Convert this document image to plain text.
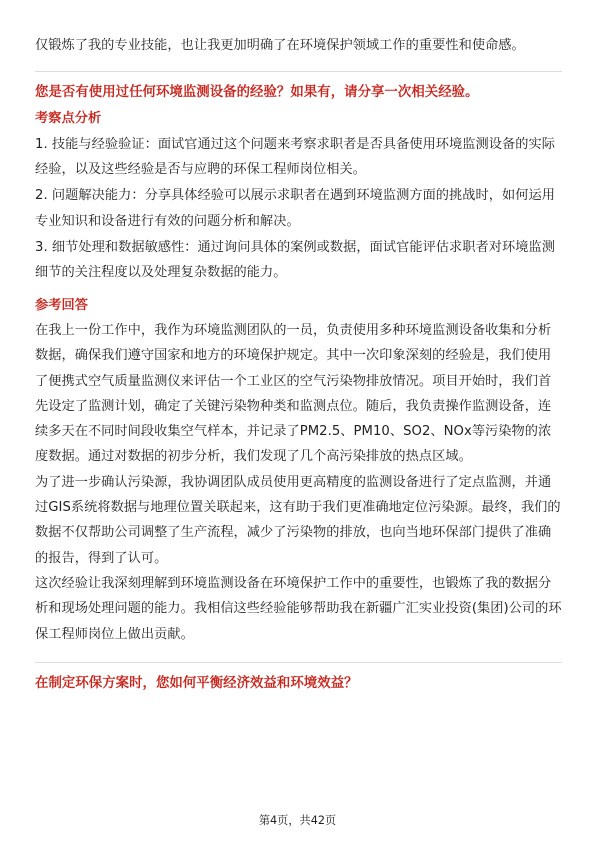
仅锻炼了我的专业技能，也让我更加明确了在环境保护领域工作的重要性和使命感。

您是否有使用过任何环境监测设备的经验？如果有，请分享一次相关经验。

考察点分析

1. 技能与经验验证：面试官通过这个问题来考察求职者是否具备使用环境监测设备的实际经验，以及这些经验是否与应聘的环保工程师岗位相关。

2. 问题解决能力：分享具体经验可以展示求职者在遇到环境监测方面的挑战时，如何运用专业知识和设备进行有效的问题分析和解决。

3. 细节处理和数据敏感性：通过询问具体的案例或数据，面试官能评估求职者对环境监测细节的关注程度以及处理复杂数据的能力。

参考回答

在我上一份工作中，我作为环境监测团队的一员，负责使用多种环境监测设备收集和分析数据，确保我们遵守国家和地方的环境保护规定。其中一次印象深刻的经验是，我们使用了便携式空气质量监测仪来评估一个工业区的空气污染物排放情况。项目开始时，我们首先设定了监测计划，确定了关键污染物种类和监测点位。随后，我负责操作监测设备，连续多天在不同时间段收集空气样本，并记录了PM2.5、PM10、SO2、NOx等污染物的浓度数据。通过对数据的初步分析，我们发现了几个高污染排放的热点区域。

为了进一步确认污染源，我协调团队成员使用更高精度的监测设备进行了定点监测，并通过GIS系统将数据与地理位置关联起来，这有助于我们更准确地定位污染源。最终，我们的数据不仅帮助公司调整了生产流程，减少了污染物的排放，也向当地环保部门提供了准确的报告，得到了认可。

这次经验让我深刻理解到环境监测设备在环境保护工作中的重要性，也锻炼了我的数据分析和现场处理问题的能力。我相信这些经验能够帮助我在新疆广汇实业投资(集团)公司的环保工程师岗位上做出贡献。

在制定环保方案时，您如何平衡经济效益和环境效益？

第4页，共42页
